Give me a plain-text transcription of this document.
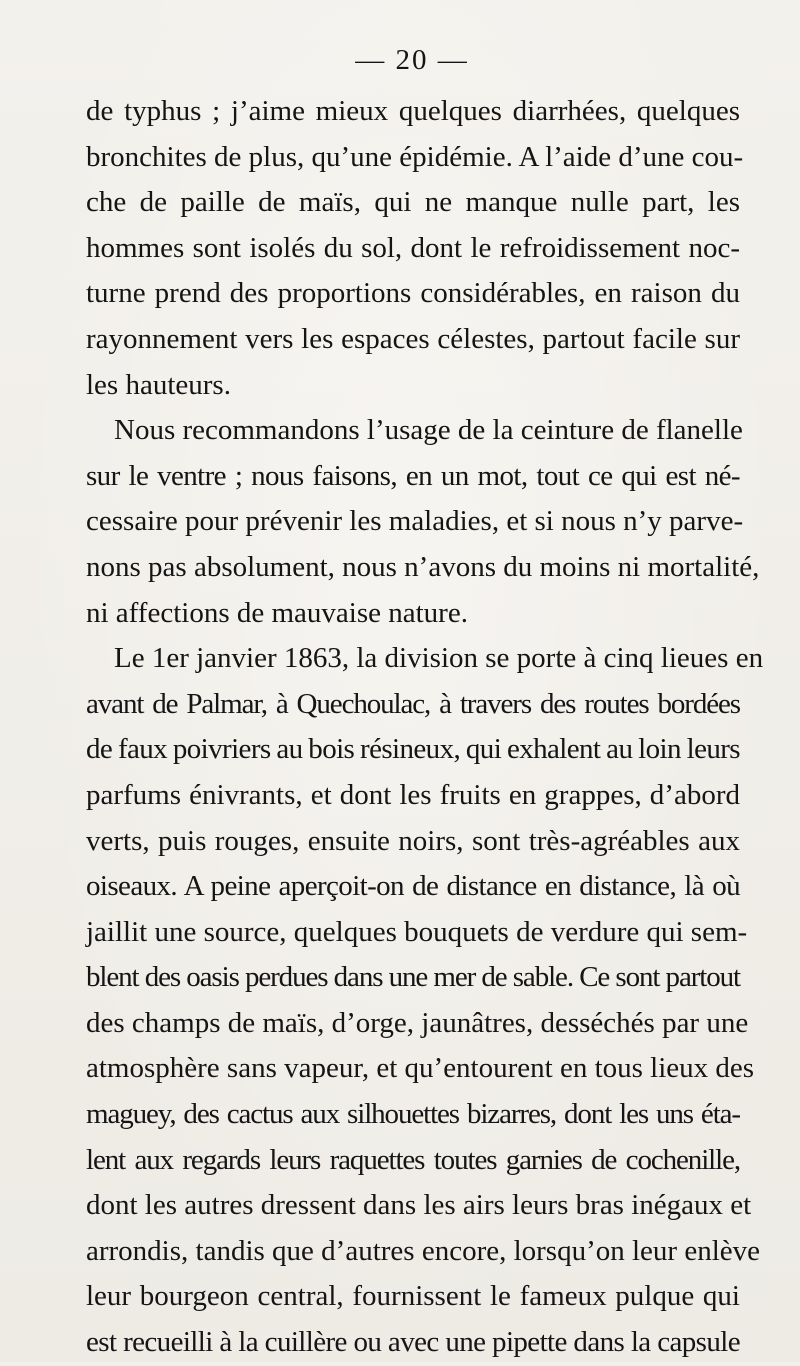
— 20 —
de typhus ; j’aime mieux quelques diarrhées, quelques
bronchites de plus, qu’une épidémie. A l’aide d’une cou-
che de paille de maïs, qui ne manque nulle part, les
hommes sont isolés du sol, dont le refroidissement noc-
turne prend des proportions considérables, en raison du
rayonnement vers les espaces célestes, partout facile sur
les hauteurs.
Nous recommandons l’usage de la ceinture de flanelle
sur le ventre ; nous faisons, en un mot, tout ce qui est né-
cessaire pour prévenir les maladies, et si nous n’y parve-
nons pas absolument, nous n’avons du moins ni mortalité,
ni affections de mauvaise nature.
Le 1er janvier 1863, la division se porte à cinq lieues en
avant de Palmar, à Quechoulac, à travers des routes bordées
de faux poivriers au bois résineux, qui exhalent au loin leurs
parfums énivrants, et dont les fruits en grappes, d’abord
verts, puis rouges, ensuite noirs, sont très-agréables aux
oiseaux. A peine aperçoit-on de distance en distance, là où
jaillit une source, quelques bouquets de verdure qui sem-
blent des oasis perdues dans une mer de sable. Ce sont partout
des champs de maïs, d’orge, jaunâtres, desséchés par une
atmosphère sans vapeur, et qu’entourent en tous lieux des
maguey, des cactus aux silhouettes bizarres, dont les uns éta-
lent aux regards leurs raquettes toutes garnies de cochenille,
dont les autres dressent dans les airs leurs bras inégaux et
arrondis, tandis que d’autres encore, lorsqu’on leur enlève
leur bourgeon central, fournissent le fameux pulque qui
est recueilli à la cuillère ou avec une pipette dans la capsule
